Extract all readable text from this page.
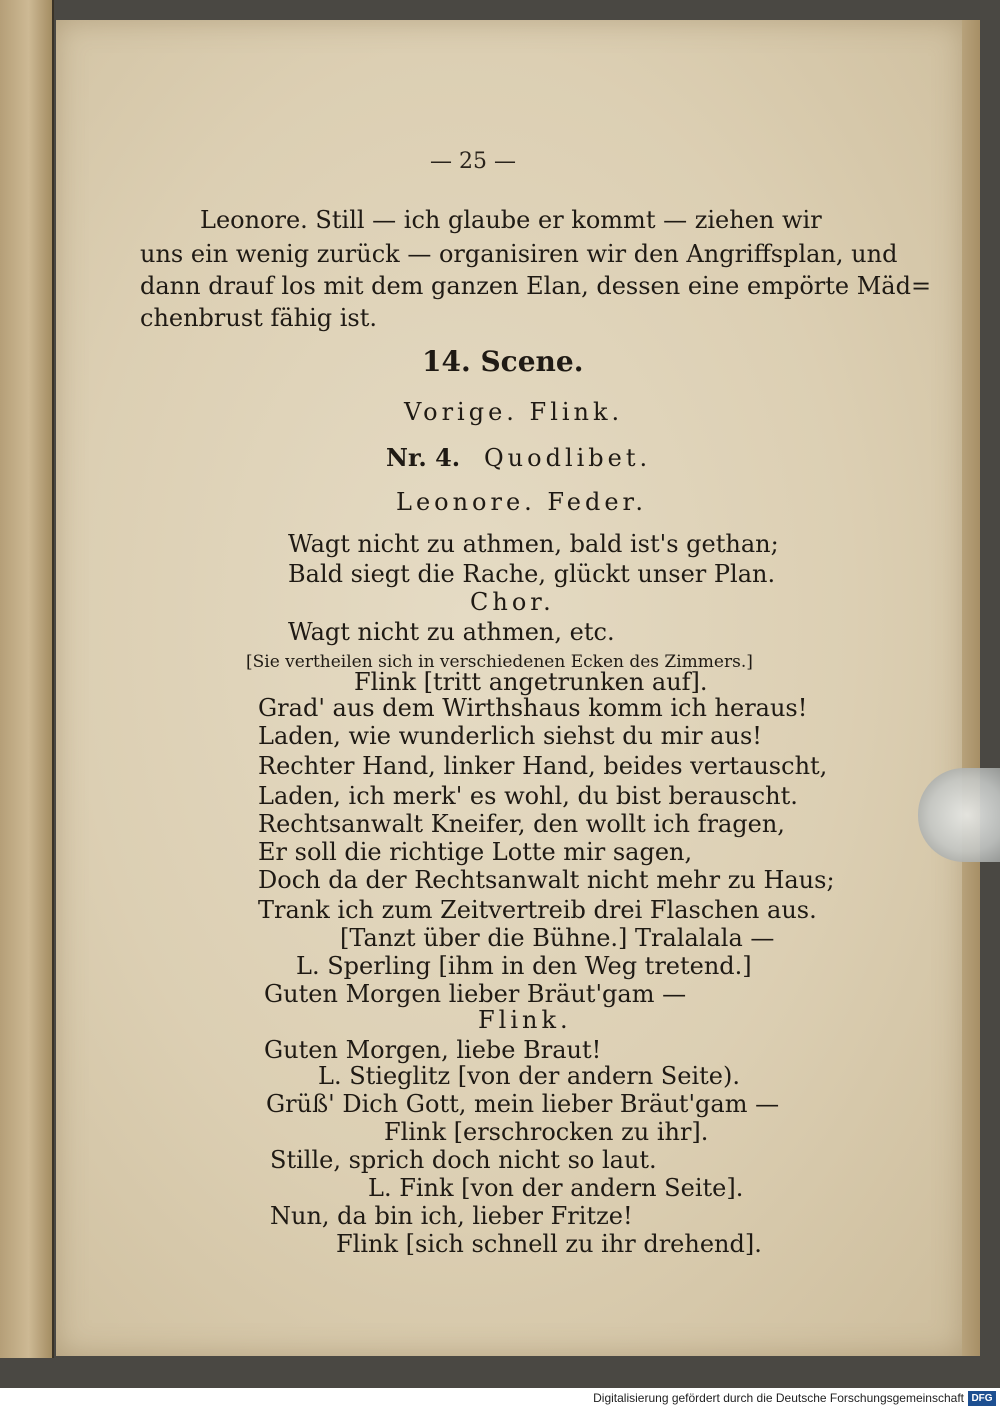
— 25 —

Leonore. Still — ich glaube er kommt — ziehen wir

uns ein wenig zurück — organisiren wir den Angriffsplan, und

dann drauf los mit dem ganzen Elan, dessen eine empörte Mäd=

chenbrust fähig ist.

14. Scene.

Vorige. Flink.

Nr. 4. Quodlibet.

Leonore. Feder.

Wagt nicht zu athmen, bald ist's gethan;

Bald siegt die Rache, glückt unser Plan.

Chor.

Wagt nicht zu athmen, etc.

[Sie vertheilen sich in verschiedenen Ecken des Zimmers.]

Flink [tritt angetrunken auf].

Grad' aus dem Wirthshaus komm ich heraus!

Laden, wie wunderlich siehst du mir aus!

Rechter Hand, linker Hand, beides vertauscht,

Laden, ich merk' es wohl, du bist berauscht.

Rechtsanwalt Kneifer, den wollt ich fragen,

Er soll die richtige Lotte mir sagen,

Doch da der Rechtsanwalt nicht mehr zu Haus;

Trank ich zum Zeitvertreib drei Flaschen aus.

[Tanzt über die Bühne.] Tralalala —

L. Sperling [ihm in den Weg tretend.]

Guten Morgen lieber Bräut'gam —

Flink.

Guten Morgen, liebe Braut!

L. Stieglitz [von der andern Seite).

Grüß' Dich Gott, mein lieber Bräut'gam —

Flink [erschrocken zu ihr].

Stille, sprich doch nicht so laut.

L. Fink [von der andern Seite].

Nun, da bin ich, lieber Fritze!

Flink [sich schnell zu ihr drehend].

Digitalisierung gefördert durch die Deutsche Forschungsgemeinschaft DFG
